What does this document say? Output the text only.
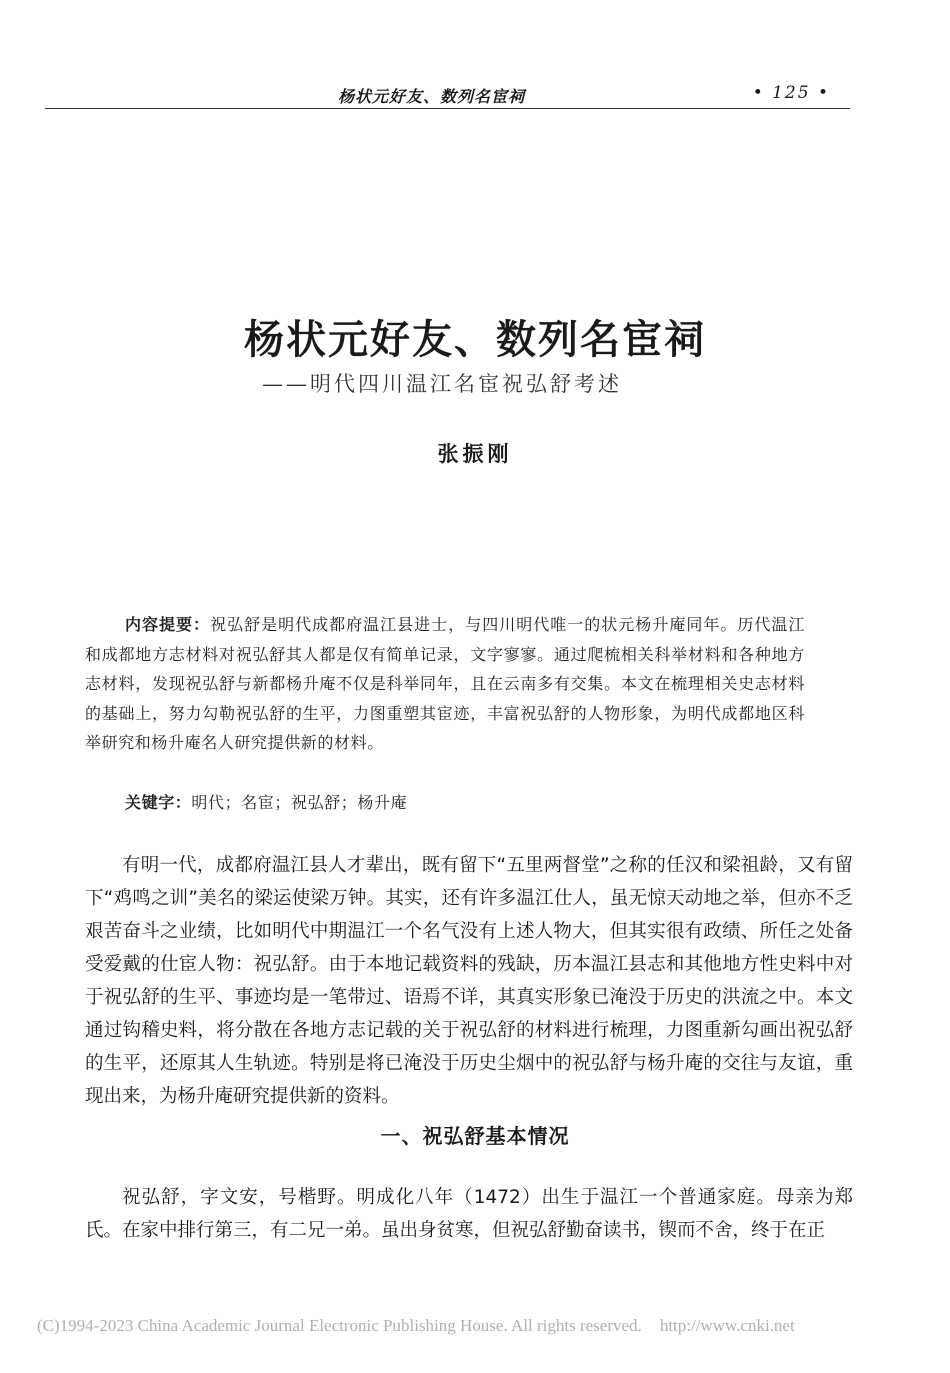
杨状元好友、数列名宦祠	• 125 •
杨状元好友、数列名宦祠
——明代四川温江名宦祝弘舒考述
张振刚
内容提要：祝弘舒是明代成都府温江县进士，与四川明代唯一的状元杨升庵同年。历代温江和成都地方志材料对祝弘舒其人都是仅有简单记录，文字寥寥。通过爬梳相关科举材料和各种地方志材料，发现祝弘舒与新都杨升庵不仅是科举同年，且在云南多有交集。本文在梳理相关史志材料的基础上，努力勾勒祝弘舒的生平，力图重塑其宦迹，丰富祝弘舒的人物形象，为明代成都地区科举研究和杨升庵名人研究提供新的材料。
关键字：明代；名宦；祝弘舒；杨升庵
有明一代，成都府温江县人才辈出，既有留下“五里两督堂”之称的任汉和梁祖龄，又有留下“鸡鸣之训”美名的梁运使梁万钟。其实，还有许多温江仕人，虽无惊天动地之举，但亦不乏艰苦奋斗之业绩，比如明代中期温江一个名气没有上述人物大，但其实很有政绩、所任之处备受爱戴的仕宦人物：祝弘舒。由于本地记载资料的残缺，历本温江县志和其他地方性史料中对于祝弘舒的生平、事迹均是一笔带过、语焉不详，其真实形象已淹没于历史的洪流之中。本文通过钩稽史料，将分散在各地方志记载的关于祝弘舒的材料进行梳理，力图重新勾画出祝弘舒的生平，还原其人生轨迹。特别是将已淹没于历史尘烟中的祝弘舒与杨升庵的交往与友谊，重现出来，为杨升庵研究提供新的资料。
一、祝弘舒基本情况
祝弘舒，字文安，号楷野。明成化八年（1472）出生于温江一个普通家庭。母亲为郑氏。在家中排行第三，有二兄一弟。虽出身贫寒，但祝弘舒勤奋读书，锲而不舍，终于在正
(C)1994-2023 China Academic Journal Electronic Publishing House. All rights reserved. http://www.cnki.net
